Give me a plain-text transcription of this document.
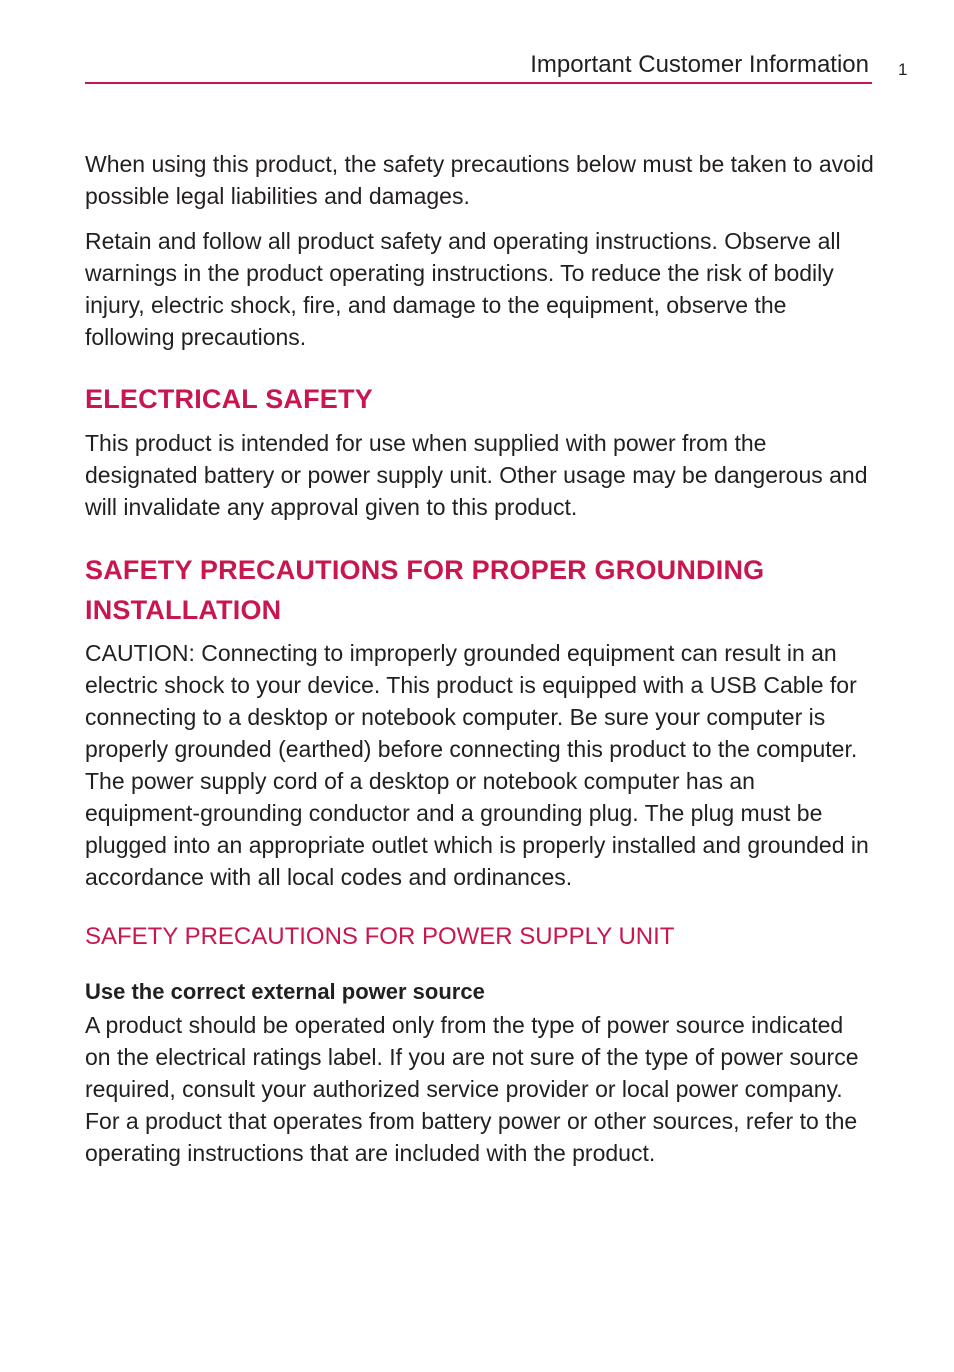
Important Customer Information 1

When using this product, the safety precautions below must be taken to avoid possible legal liabilities and damages.

Retain and follow all product safety and operating instructions. Observe all warnings in the product operating instructions. To reduce the risk of bodily injury, electric shock, fire, and damage to the equipment, observe the following precautions.

ELECTRICAL SAFETY

This product is intended for use when supplied with power from the designated battery or power supply unit. Other usage may be dangerous and will invalidate any approval given to this product.

SAFETY PRECAUTIONS FOR PROPER GROUNDING INSTALLATION

CAUTION: Connecting to improperly grounded equipment can result in an electric shock to your device. This product is equipped with a USB Cable for connecting to a desktop or notebook computer. Be sure your computer is properly grounded (earthed) before connecting this product to the computer. The power supply cord of a desktop or notebook computer has an equipment-grounding conductor and a grounding plug. The plug must be plugged into an appropriate outlet which is properly installed and grounded in accordance with all local codes and ordinances.

SAFETY PRECAUTIONS FOR POWER SUPPLY UNIT

Use the correct external power source

A product should be operated only from the type of power source indicated on the electrical ratings label. If you are not sure of the type of power source required, consult your authorized service provider or local power company. For a product that operates from battery power or other sources, refer to the operating instructions that are included with the product.
